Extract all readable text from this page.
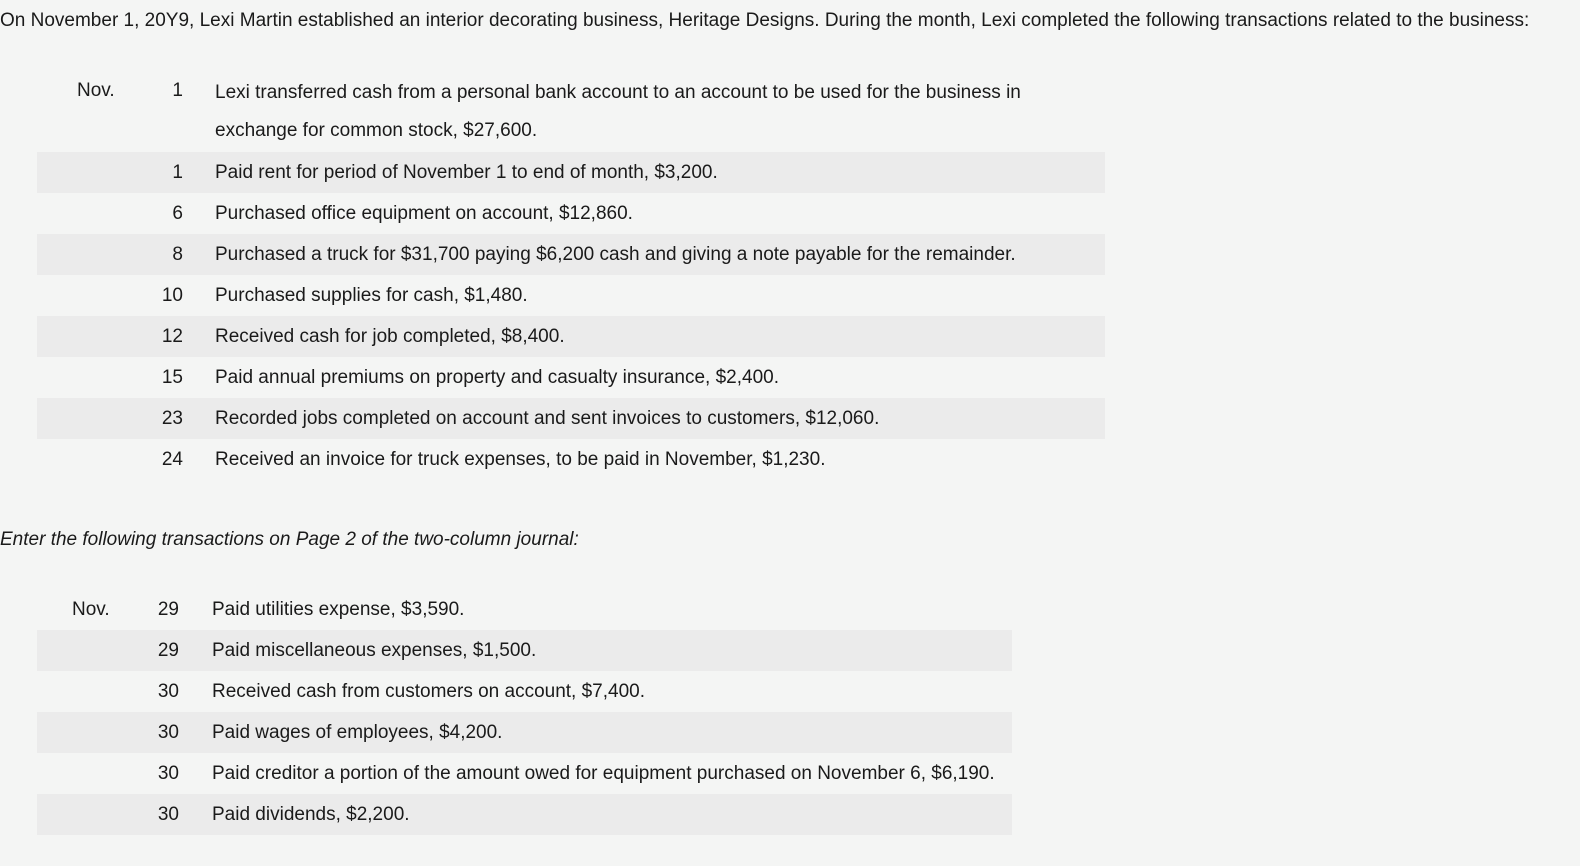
On November 1, 20Y9, Lexi Martin established an interior decorating business, Heritage Designs. During the month, Lexi completed the following transactions related to the business:
Nov.	1	Lexi transferred cash from a personal bank account to an account to be used for the business in exchange for common stock, $27,600.

	1	Paid rent for period of November 1 to end of month, $3,200.
	6	Purchased office equipment on account, $12,860.
	8	Purchased a truck for $31,700 paying $6,200 cash and giving a note payable for the remainder.
	10	Purchased supplies for cash, $1,480.
	12	Received cash for job completed, $8,400.
	15	Paid annual premiums on property and casualty insurance, $2,400.
	23	Recorded jobs completed on account and sent invoices to customers, $12,060.
	24	Received an invoice for truck expenses, to be paid in November, $1,230.
Enter the following transactions on Page 2 of the two-column journal:
Nov.	29	Paid utilities expense, $3,590.
	29	Paid miscellaneous expenses, $1,500.
	30	Received cash from customers on account, $7,400.
	30	Paid wages of employees, $4,200.
	30	Paid creditor a portion of the amount owed for equipment purchased on November 6, $6,190.
	30	Paid dividends, $2,200.
